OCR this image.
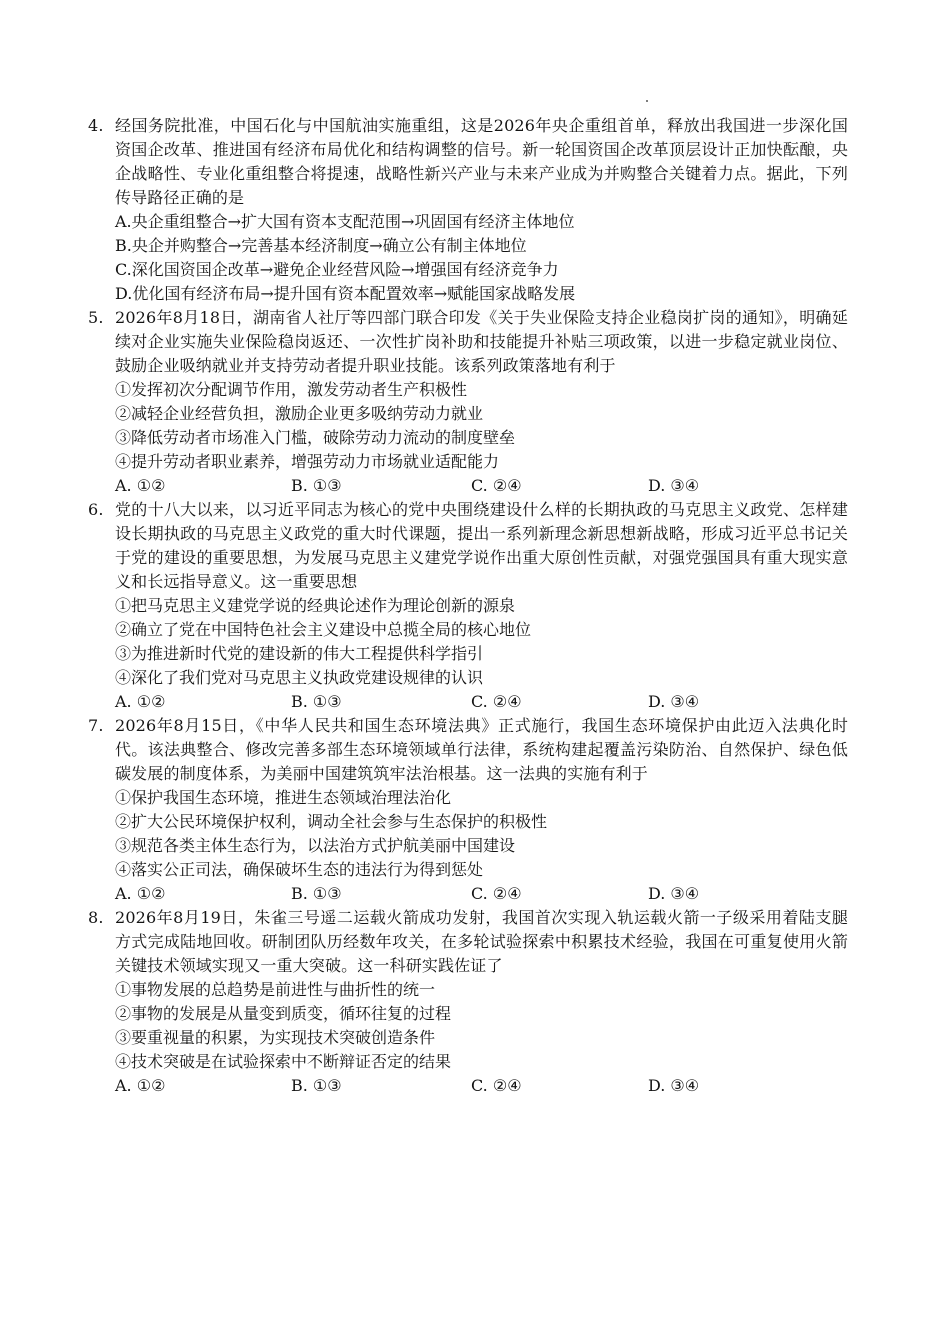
4. 经国务院批准，中国石化与中国航油实施重组，这是2026年央企重组首单，释放出我国进一步深化国资国企改革、推进国有经济布局优化和结构调整的信号。新一轮国资国企改革顶层设计正加快酝酿，央企战略性、专业化重组整合将提速，战略性新兴产业与未来产业成为并购整合关键着力点。据此，下列传导路径正确的是
A.央企重组整合→扩大国有资本支配范围→巩固国有经济主体地位
B.央企并购整合→完善基本经济制度→确立公有制主体地位
C.深化国资国企改革→避免企业经营风险→增强国有经济竞争力
D.优化国有经济布局→提升国有资本配置效率→赋能国家战略发展
5. 2026年8月18日，湖南省人社厅等四部门联合印发《关于失业保险支持企业稳岗扩岗的通知》，明确延续对企业实施失业保险稳岗返还、一次性扩岗补助和技能提升补贴三项政策，以进一步稳定就业岗位、鼓励企业吸纳就业并支持劳动者提升职业技能。该系列政策落地有利于
①发挥初次分配调节作用，激发劳动者生产积极性
②减轻企业经营负担，激励企业更多吸纳劳动力就业
③降低劳动者市场准入门槛，破除劳动力流动的制度壁垒
④提升劳动者职业素养，增强劳动力市场就业适配能力
A. ①②	B. ①③	C. ②④	D. ③④
6. 党的十八大以来，以习近平同志为核心的党中央围绕建设什么样的长期执政的马克思主义政党、怎样建设长期执政的马克思主义政党的重大时代课题，提出一系列新理念新思想新战略，形成习近平总书记关于党的建设的重要思想，为发展马克思主义建党学说作出重大原创性贡献，对强党强国具有重大现实意义和长远指导意义。这一重要思想
①把马克思主义建党学说的经典论述作为理论创新的源泉
②确立了党在中国特色社会主义建设中总揽全局的核心地位
③为推进新时代党的建设新的伟大工程提供科学指引
④深化了我们党对马克思主义执政党建设规律的认识
A. ①②	B. ①③	C. ②④	D. ③④
7. 2026年8月15日，《中华人民共和国生态环境法典》正式施行，我国生态环境保护由此迈入法典化时代。该法典整合、修改完善多部生态环境领域单行法律，系统构建起覆盖污染防治、自然保护、绿色低碳发展的制度体系，为美丽中国建筑筑牢法治根基。这一法典的实施有利于
①保护我国生态环境，推进生态领域治理法治化
②扩大公民环境保护权利，调动全社会参与生态保护的积极性
③规范各类主体生态行为，以法治方式护航美丽中国建设
④落实公正司法，确保破坏生态的违法行为得到惩处
A. ①②	B. ①③	C. ②④	D. ③④
8. 2026年8月19日，朱雀三号遥二运载火箭成功发射，我国首次实现入轨运载火箭一子级采用着陆支腿方式完成陆地回收。研制团队历经数年攻关，在多轮试验探索中积累技术经验，我国在可重复使用火箭关键技术领域实现又一重大突破。这一科研实践佐证了
①事物发展的总趋势是前进性与曲折性的统一
②事物的发展是从量变到质变，循环往复的过程
③要重视量的积累，为实现技术突破创造条件
④技术突破是在试验探索中不断辩证否定的结果
A. ①②	B. ①③	C. ②④	D. ③④
